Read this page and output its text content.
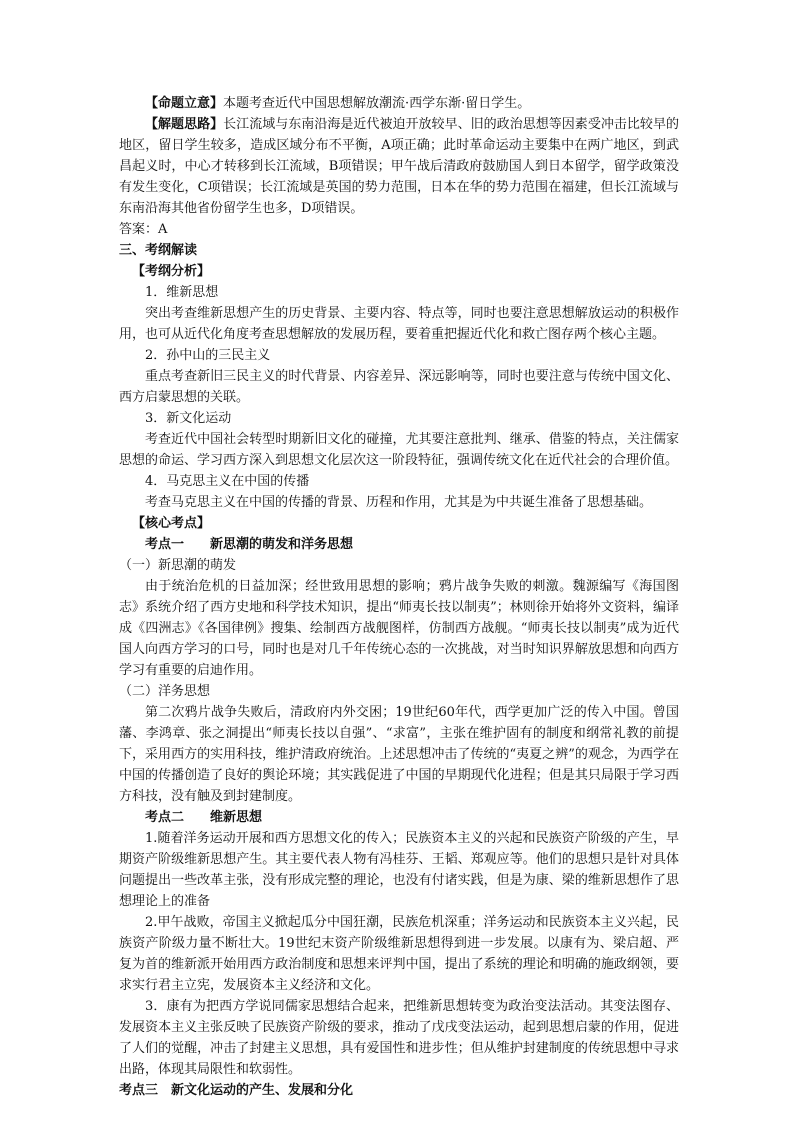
【命题立意】本题考查近代中国思想解放潮流·西学东渐·留日学生。

【解题思路】长江流域与东南沿海是近代被迫开放较早、旧的政治思想等因素受冲击比较早的地区，留日学生较多，造成区域分布不平衡，A项正确；此时革命运动主要集中在两广地区，到武昌起义时，中心才转移到长江流域，B项错误；甲午战后清政府鼓励国人到日本留学，留学政策没有发生变化，C项错误；长江流域是英国的势力范围，日本在华的势力范围在福建，但长江流域与东南沿海其他省份留学生也多，D项错误。

答案：A

三、考纲解读

【考纲分析】

1．维新思想

突出考查维新思想产生的历史背景、主要内容、特点等，同时也要注意思想解放运动的积极作用，也可从近代化角度考查思想解放的发展历程，要着重把握近代化和救亡图存两个核心主题。

2．孙中山的三民主义

重点考查新旧三民主义的时代背景、内容差异、深远影响等，同时也要注意与传统中国文化、西方启蒙思想的关联。

3．新文化运动

考查近代中国社会转型时期新旧文化的碰撞，尤其要注意批判、继承、借鉴的特点，关注儒家思想的命运、学习西方深入到思想文化层次这一阶段特征，强调传统文化在近代社会的合理价值。

4．马克思主义在中国的传播

考查马克思主义在中国的传播的背景、历程和作用，尤其是为中共诞生准备了思想基础。

【核心考点】

考点一 新思潮的萌发和洋务思想

（一）新思潮的萌发

由于统治危机的日益加深；经世致用思想的影响；鸦片战争失败的刺激。魏源编写《海国图志》系统介绍了西方史地和科学技术知识，提出“师夷长技以制夷”；林则徐开始将外文资料，编译成《四洲志》《各国律例》搜集、绘制西方战舰图样，仿制西方战舰。“师夷长技以制夷”成为近代国人向西方学习的口号，同时也是对几千年传统心态的一次挑战，对当时知识界解放思想和向西方学习有重要的启迪作用。

（二）洋务思想

第二次鸦片战争失败后，清政府内外交困；19世纪60年代，西学更加广泛的传入中国。曾国藩、李鸿章、张之洞提出“师夷长技以自强”、“求富”，主张在维护固有的制度和纲常礼教的前提下，采用西方的实用科技，维护清政府统治。上述思想冲击了传统的“夷夏之辨”的观念，为西学在中国的传播创造了良好的舆论环境；其实践促进了中国的早期现代化进程；但是其只局限于学习西方科技，没有触及到封建制度。

考点二 维新思想

1.随着洋务运动开展和西方思想文化的传入；民族资本主义的兴起和民族资产阶级的产生，早期资产阶级维新思想产生。其主要代表人物有冯桂芬、王韬、郑观应等。他们的思想只是针对具体问题提出一些改革主张，没有形成完整的理论，也没有付诸实践，但是为康、梁的维新思想作了思想理论上的准备

2.甲午战败，帝国主义掀起瓜分中国狂潮，民族危机深重；洋务运动和民族资本主义兴起，民族资产阶级力量不断壮大。19世纪末资产阶级维新思想得到进一步发展。以康有为、梁启超、严复为首的维新派开始用西方政治制度和思想来评判中国，提出了系统的理论和明确的施政纲领，要求实行君主立宪，发展资本主义经济和文化。

3．康有为把西方学说同儒家思想结合起来，把维新思想转变为政治变法活动。其变法图存、发展资本主义主张反映了民族资产阶级的要求，推动了戊戌变法运动，起到思想启蒙的作用，促进了人们的觉醒，冲击了封建主义思想，具有爱国性和进步性；但从维护封建制度的传统思想中寻求出路，体现其局限性和软弱性。

考点三 新文化运动的产生、发展和分化
